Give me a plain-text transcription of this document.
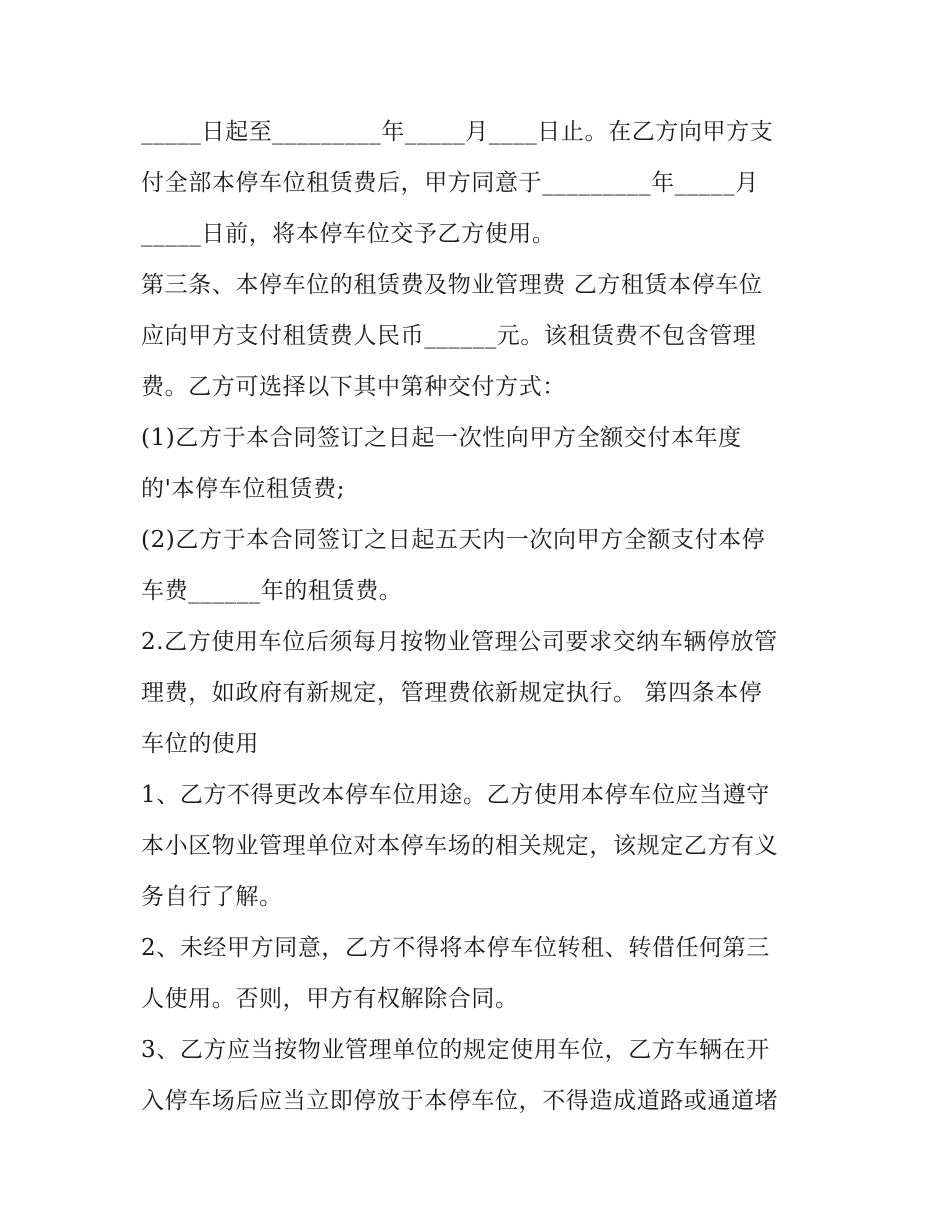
_____日起至_________年_____月____日止。在乙方向甲方支
付全部本停车位租赁费后，甲方同意于_________年_____月
_____日前，将本停车位交予乙方使用。
第三条、本停车位的租赁费及物业管理费 乙方租赁本停车位
应向甲方支付租赁费人民币______元。该租赁费不包含管理
费。乙方可选择以下其中第种交付方式：
(1)乙方于本合同签订之日起一次性向甲方全额交付本年度
的'本停车位租赁费;
(2)乙方于本合同签订之日起五天内一次向甲方全额支付本停
车费______年的租赁费。
2.乙方使用车位后须每月按物业管理公司要求交纳车辆停放管
理费，如政府有新规定，管理费依新规定执行。 第四条本停
车位的使用
1、乙方不得更改本停车位用途。乙方使用本停车位应当遵守
本小区物业管理单位对本停车场的相关规定，该规定乙方有义
务自行了解。
2、未经甲方同意，乙方不得将本停车位转租、转借任何第三
人使用。否则，甲方有权解除合同。
3、乙方应当按物业管理单位的规定使用车位，乙方车辆在开
入停车场后应当立即停放于本停车位，不得造成道路或通道堵
